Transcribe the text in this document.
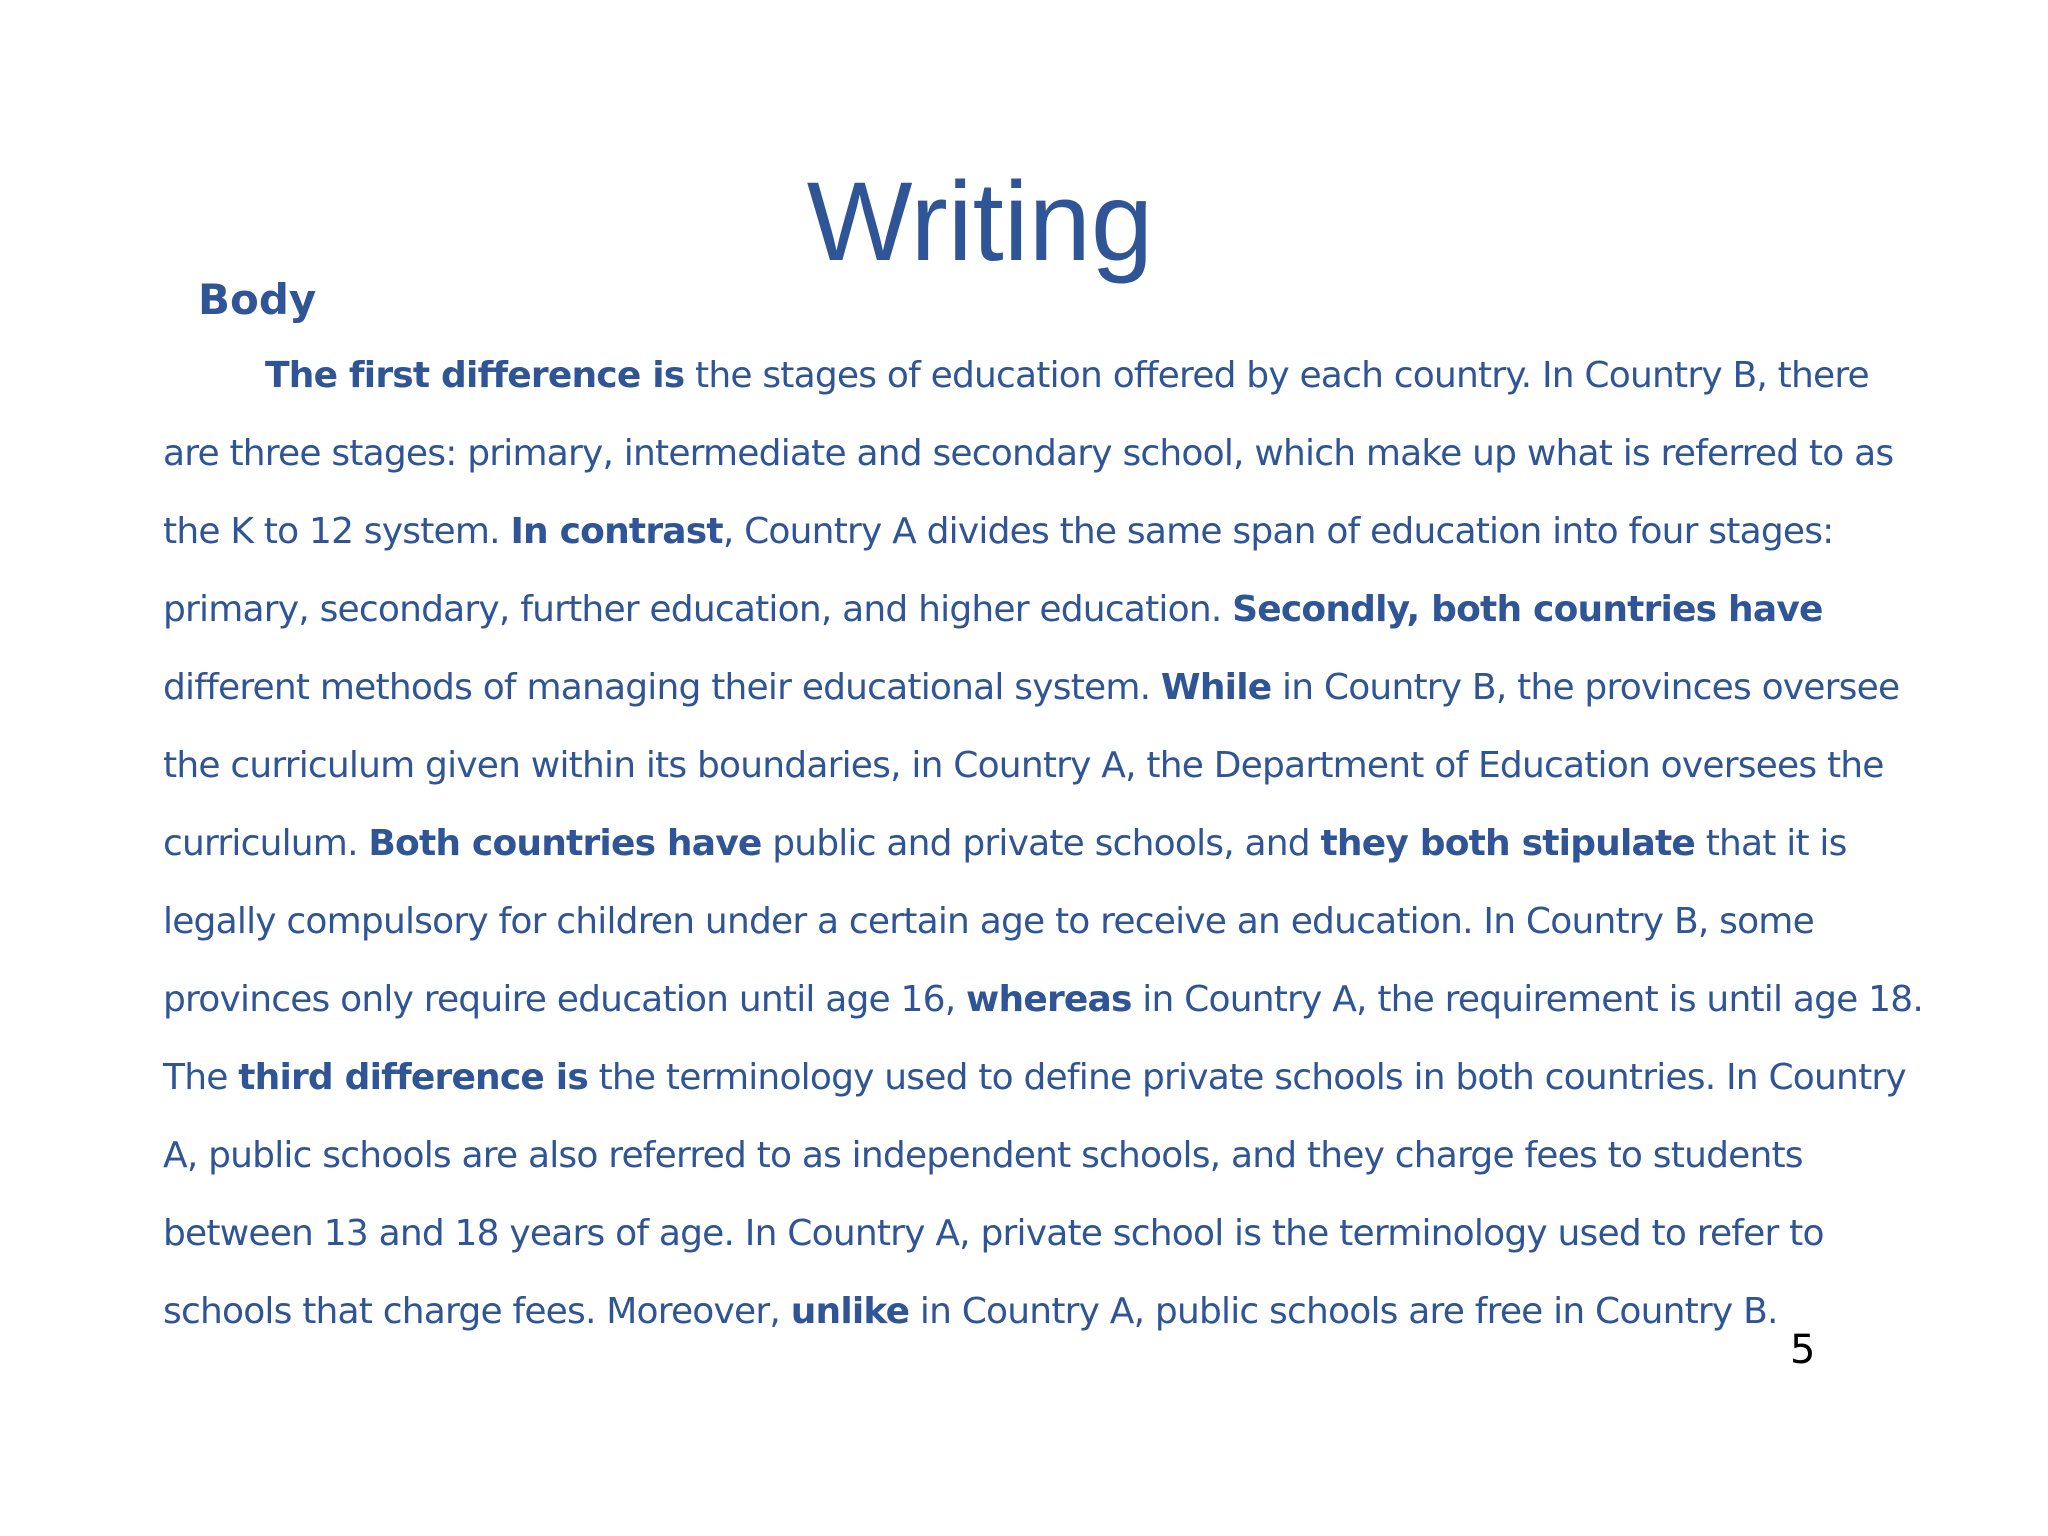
Writing
Body

The first difference is the stages of education offered by each country. In Country B, there are three stages: primary, intermediate and secondary school, which make up what is referred to as the K to 12 system. In contrast, Country A divides the same span of education into four stages: primary, secondary, further education, and higher education. Secondly, both countries have different methods of managing their educational system. While in Country B, the provinces oversee the curriculum given within its boundaries, in Country A, the Department of Education oversees the curriculum. Both countries have public and private schools, and they both stipulate that it is legally compulsory for children under a certain age to receive an education. In Country B, some provinces only require education until age 16, whereas in Country A, the requirement is until age 18. The third difference is the terminology used to define private schools in both countries. In Country A, public schools are also referred to as independent schools, and they charge fees to students between 13 and 18 years of age. In Country A, private school is the terminology used to refer to schools that charge fees. Moreover, unlike in Country A, public schools are free in Country B.

5
